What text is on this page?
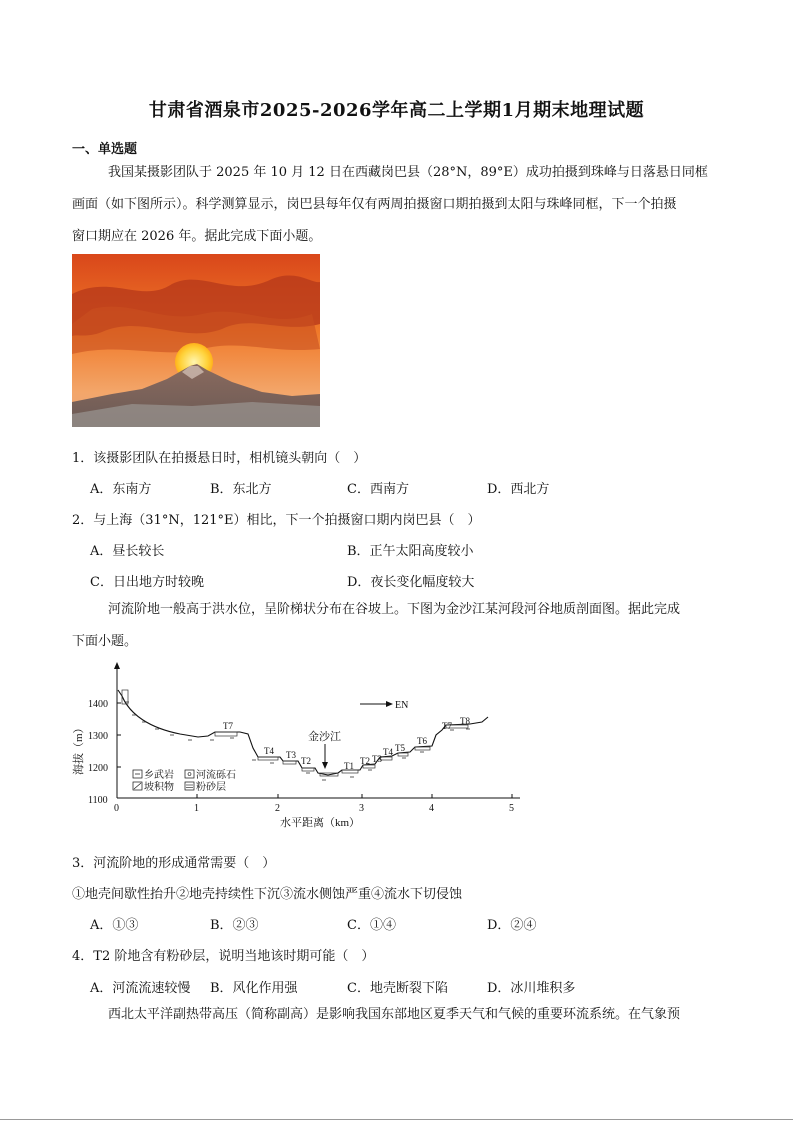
甘肃省酒泉市2025-2026学年高二上学期1月期末地理试题
一、单选题
我国某摄影团队于 2025 年 10 月 12 日在西藏岗巴县（28°N，89°E）成功拍摄到珠峰与日落悬日同框
画面（如下图所示）。科学测算显示，岗巴县每年仅有两周拍摄窗口期拍摄到太阳与珠峰同框，下一个拍摄
窗口期应在 2026 年。据此完成下面小题。
1．该摄影团队在拍摄悬日时，相机镜头朝向（　）
A．东南方	B．东北方	C．西南方	D．西北方
2．与上海（31°N，121°E）相比，下一个拍摄窗口期内岗巴县（　）
A．昼长较长	B．正午太阳高度较小
C．日出地方时较晚	D．夜长变化幅度较大
河流阶地一般高于洪水位，呈阶梯状分布在谷坡上。下图为金沙江某河段河谷地质剖面图。据此完成
下面小题。
1400
1300
1200
1100
0	1	2	3	4	5
水平距离（km）
海拔（m）	T7
T4 T3
T2	T1 T2 T3
T4 T5
T6
T7 T8
金沙江
EN
乡武岩 河流砾石
坡积物 粉砂层
3．河流阶地的形成通常需要（　）
①地壳间歇性抬升②地壳持续性下沉③流水侧蚀严重④流水下切侵蚀
A．①③	B．②③	C．①④	D．②④
4．T2 阶地含有粉砂层，说明当地该时期可能（　）
A．河流流速较慢 B．风化作用强	C．地壳断裂下陷	D．冰川堆积多
西北太平洋副热带高压（简称副高）是影响我国东部地区夏季天气和气候的重要环流系统。在气象预
